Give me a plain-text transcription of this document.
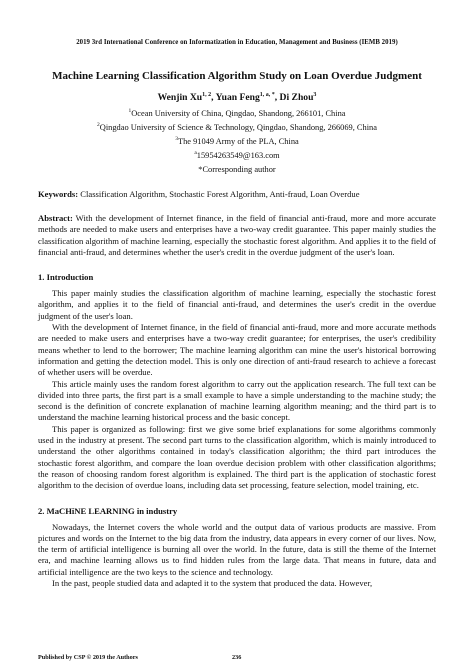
2019 3rd International Conference on Informatization in Education, Management and Business (IEMB 2019)
Machine Learning Classification Algorithm Study on Loan Overdue Judgment
Wenjin Xu$^{1, 2}$, Yuan Feng$^{1, a, *}$, Di Zhou$^3$
$^1$Ocean University of China, Qingdao, Shandong, 266101, China
$^2$Qingdao University of Science & Technology, Qingdao, Shandong, 266069, China
$^3$The 91049 Army of the PLA, China
$^a$15954263549@163.com
*Corresponding author
Keywords: Classification Algorithm, Stochastic Forest Algorithm, Anti-fraud, Loan Overdue
Abstract: With the development of Internet finance, in the field of financial anti-fraud, more and more accurate methods are needed to make users and enterprises have a two-way credit guarantee. This paper mainly studies the classification algorithm of machine learning, especially the stochastic forest algorithm. And applies it to the field of financial anti-fraud, and determines whether the user's credit in the overdue judgment of the user's loan.
1. Introduction

This paper mainly studies the classification algorithm of machine learning, especially the stochastic forest algorithm, and applies it to the field of financial anti-fraud, and determines the user's credit in the overdue judgment of the user's loan.

With the development of Internet finance, in the field of financial anti-fraud, more and more accurate methods are needed to make users and enterprises have a two-way credit guarantee; for enterprises, the user's credibility means whether to lend to the borrower; The machine learning algorithm can mine the user's historical borrowing information and getting the detection model. This is only one direction of anti-fraud research to achieve a forecast of whether users will be overdue.

This article mainly uses the random forest algorithm to carry out the application research. The full text can be divided into three parts, the first part is a small example to have a simple understanding to the machine study; the second is the definition of concrete explanation of machine learning algorithm meaning; and the third part is to understand the machine learning historical process and the basic concept.

This paper is organized as following: first we give some brief explanations for some algorithms commonly used in the industry at present. The second part turns to the classification algorithm, which is mainly introduced to understand the other algorithms contained in today's classification algorithm; the third part introduces the stochastic forest algorithm, and compare the loan overdue decision problem with other classification algorithms; the reason of choosing random forest algorithm is explained. The third part is the application of stochastic forest algorithm to the decision of overdue loans, including data set processing, feature selection, model training, etc.

2. MaCHiNE LEARNING in industry

Nowadays, the Internet covers the whole world and the output data of various products are massive. From pictures and words on the Internet to the big data from the industry, data appears in every corner of our lives. Now, the term of artificial intelligence is burning all over the world. In the future, data is still the theme of the Internet era, and machine learning allows us to find hidden rules from the large data. That means in future, data and artificial intelligence are the two keys to the science and technology.

In the past, people studied data and adapted it to the system that produced the data. However,

Published by CSP © 2019 the Authors	236
